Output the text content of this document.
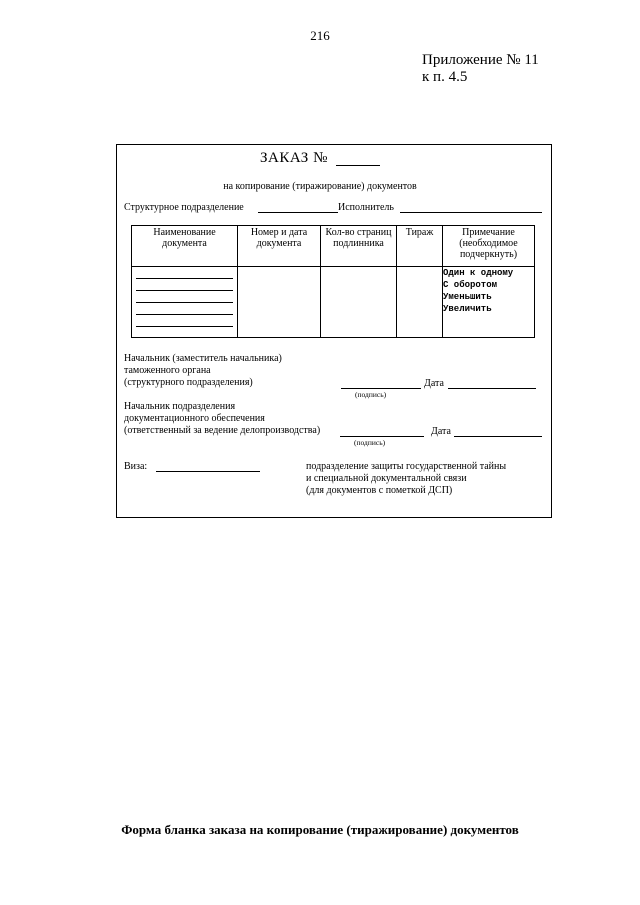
216
Приложение № 11
к п. 4.5
ЗАКАЗ №
на копирование (тиражирование) документов
Структурное подразделение	Исполнитель
Наименование документа	Номер и дата документа	Кол-во страниц подлинника	Тираж	Примечание (необходимое подчеркнуть)

				Один к одному
С оборотом
Уменьшить
Увеличить
Начальник (заместитель начальника)
таможенного органа
(структурного подразделения)
(подпись)
Дата
Начальник подразделения
документационного обеспечения
(ответственный за ведение делопроизводства)
(подпись)
Дата
Виза:	подразделение защиты государственной тайны
и специальной документальной связи
(для документов с пометкой ДСП)
Форма бланка заказа на копирование (тиражирование) документов
